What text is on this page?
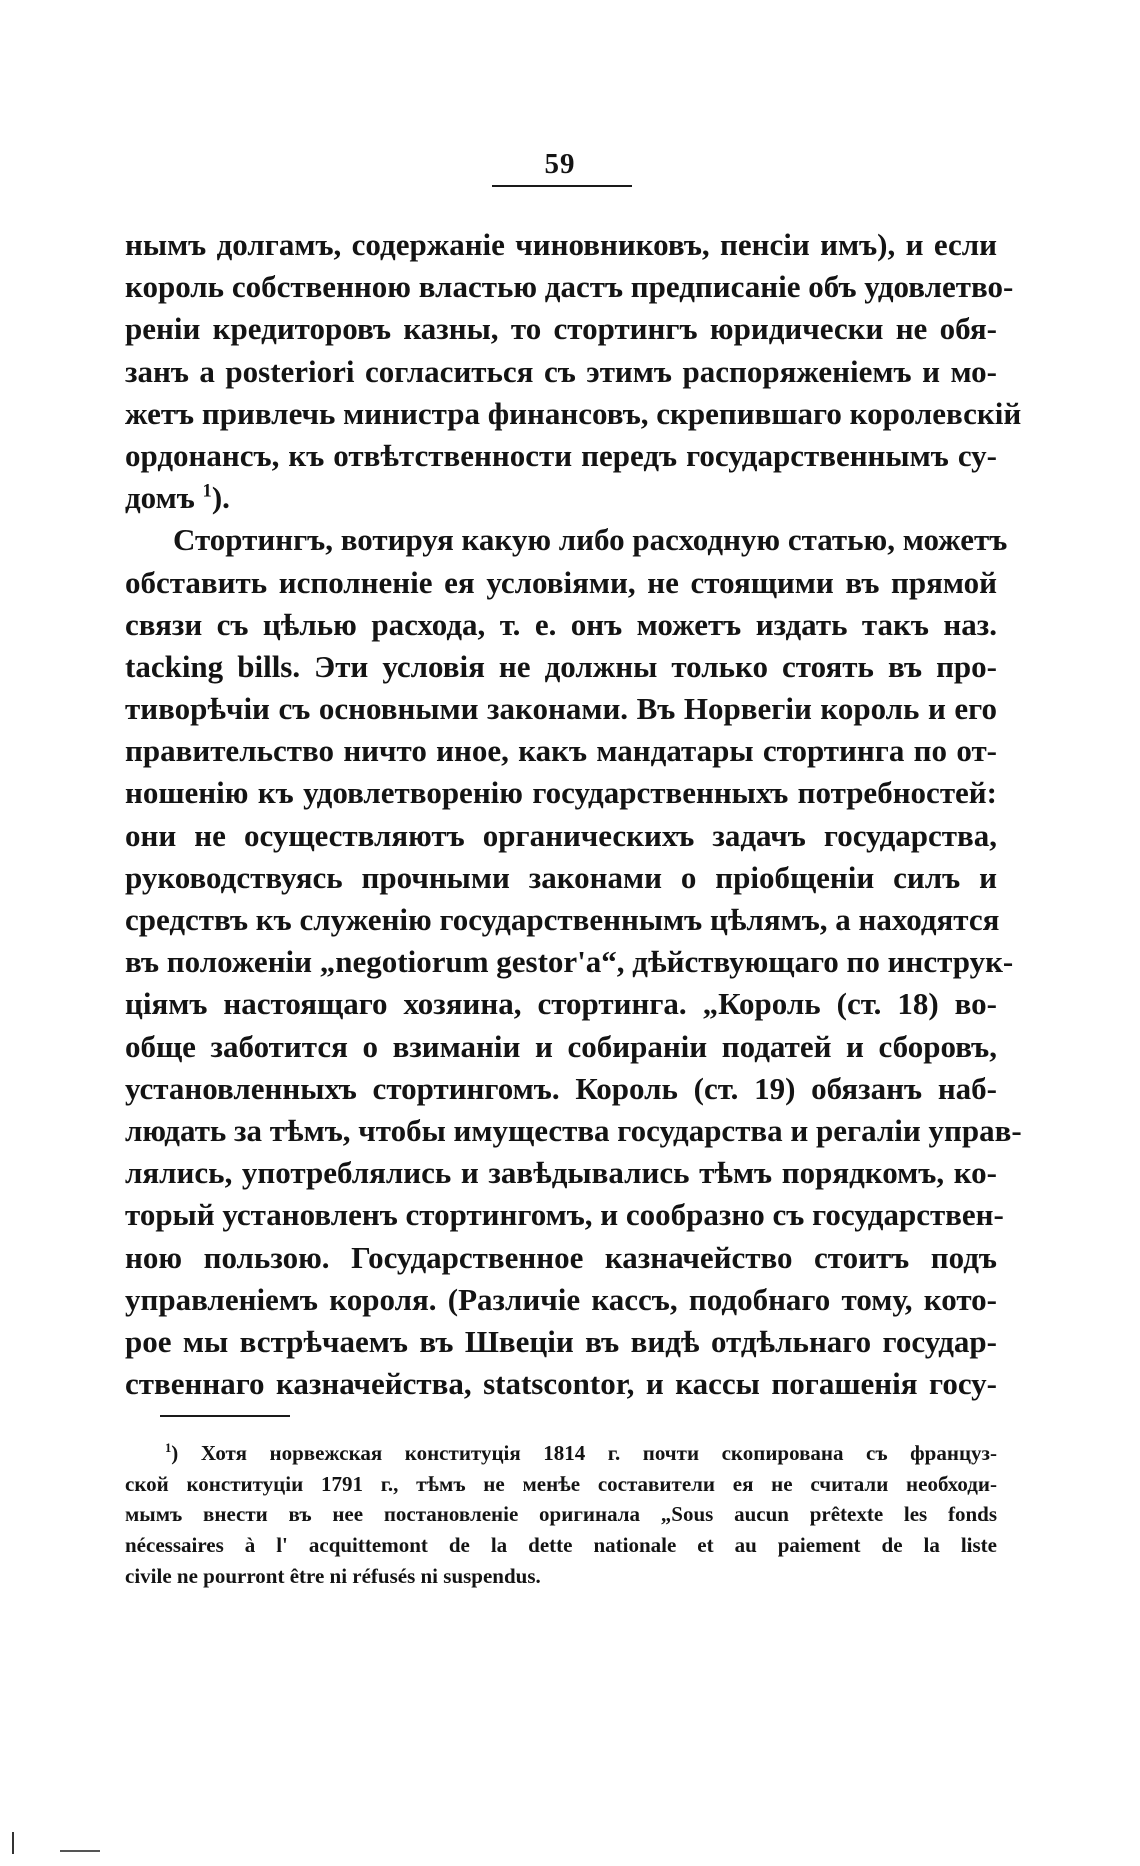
59
нымъ долгамъ, содержаніе чиновниковъ, пенсіи имъ), и если
король собственною властью дастъ предписаніе объ удовлетво-
реніи кредиторовъ казны, то стортингъ юридически не обя-
занъ a posteriori согласиться съ этимъ распоряженіемъ и мо-
жетъ привлечь министра финансовъ, скрепившаго королевскій
ордонансъ, къ отвѣтственности передъ государственнымъ су-
домъ $^1$).
Стортингъ, вотируя какую либо расходную статью, можетъ
обставить исполненіе ея условіями, не стоящими въ прямой
связи съ цѣлью расхода, т. е. онъ можетъ издать такъ наз.
tacking bills. Эти условія не должны только стоять въ про-
тиворѣчіи съ основными законами. Въ Норвегіи король и его
правительство ничто иное, какъ мандатары стортинга по от-
ношенію къ удовлетворенію государственныхъ потребностей:
они не осуществляютъ органическихъ задачъ государства,
руководствуясь прочными законами о пріобщеніи силъ и
средствъ къ служенію государственнымъ цѣлямъ, а находятся
въ положеніи „negotiorum gestor'a“, дѣйствующаго по инструк-
ціямъ настоящаго хозяина, стортинга. „Король (ст. 18) во-
обще заботится о взиманіи и собираніи податей и сборовъ,
установленныхъ стортингомъ. Король (ст. 19) обязанъ наб-
людать за тѣмъ, чтобы имущества государства и регаліи управ-
лялись, употреблялись и завѣдывались тѣмъ порядкомъ, ко-
торый установленъ стортингомъ, и сообразно съ государствен-
ною пользою. Государственное казначейство стоитъ подъ
управленіемъ короля. (Различіе кассъ, подобнаго тому, кото-
рое мы встрѣчаемъ въ Швеціи въ видѣ отдѣльнаго государ-
ственнаго казначейства, statscontor, и кассы погашенія госу-
$^1$) Хотя норвежская конституція 1814 г. почти скопирована съ француз-
ской конституціи 1791 г., тѣмъ не менѣе составители ея не считали необходи-
мымъ внести въ нее постановленіе оригинала „Sous aucun prêtexte les fonds
nécessaires à l' acquittemont de la dette nationale et au paiement de la liste
civile ne pourront être ni réfusés ni suspendus.
